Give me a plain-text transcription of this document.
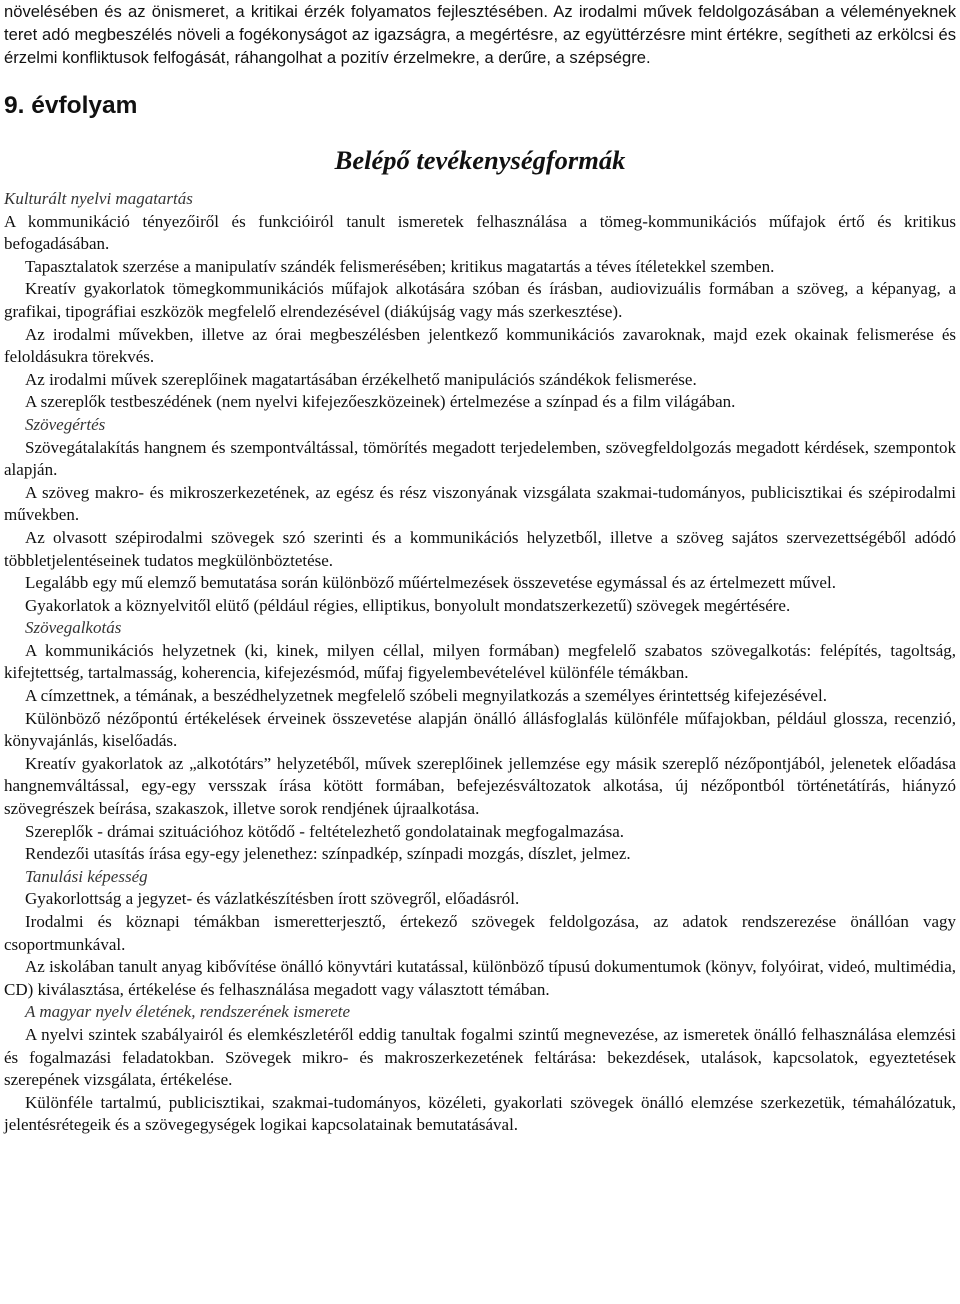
növelésében és az önismeret, a kritikai érzék folyamatos fejlesztésében. Az irodalmi művek feldolgozásában a véleményeknek teret adó megbeszélés növeli a fogékonyságot az igazságra, a megértésre, az együttérzésre mint értékre, segítheti az erkölcsi és érzelmi konfliktusok felfogását, ráhangolhat a pozitív érzelmekre, a derűre, a szépségre.

9. évfolyam
Belépő tevékenységformák

Kulturált nyelvi magatartás

A kommunikáció tényezőiről és funkcióiról tanult ismeretek felhasználása a tömeg-kommunikációs műfajok értő és kritikus befogadásában.

Tapasztalatok szerzése a manipulatív szándék felismerésében; kritikus magatartás a téves ítéletekkel szemben.

Kreatív gyakorlatok tömegkommunikációs műfajok alkotására szóban és írásban, audiovizuális formában a szöveg, a képanyag, a grafikai, tipográfiai eszközök megfelelő elrendezésével (diákújság vagy más szerkesztése).

Az irodalmi művekben, illetve az órai megbeszélésben jelentkező kommunikációs zavaroknak, majd ezek okainak felismerése és feloldásukra törekvés.

Az irodalmi művek szereplőinek magatartásában érzékelhető manipulációs szándékok felismerése.

A szereplők testbeszédének (nem nyelvi kifejezőeszközeinek) értelmezése a színpad és a film világában.

Szövegértés

Szövegátalakítás hangnem és szempontváltással, tömörítés megadott terjedelemben, szövegfeldolgozás megadott kérdések, szempontok alapján.

A szöveg makro- és mikroszerkezetének, az egész és rész viszonyának vizsgálata szakmai-tudományos, publicisztikai és szépirodalmi művekben.

Az olvasott szépirodalmi szövegek szó szerinti és a kommunikációs helyzetből, illetve a szöveg sajátos szervezettségéből adódó többletjelentéseinek tudatos megkülönböztetése.

Legalább egy mű elemző bemutatása során különböző műértelmezések összevetése egymással és az értelmezett művel.

Gyakorlatok a köznyelvitől elütő (például régies, elliptikus, bonyolult mondatszerkezetű) szövegek megértésére.

Szövegalkotás

A kommunikációs helyzetnek (ki, kinek, milyen céllal, milyen formában) megfelelő szabatos szövegalkotás: felépítés, tagoltság, kifejtettség, tartalmasság, koherencia, kifejezésmód, műfaj figyelembevételével különféle témákban.

A címzettnek, a témának, a beszédhelyzetnek megfelelő szóbeli megnyilatkozás a személyes érintettség kifejezésével.

Különböző nézőpontú értékelések érveinek összevetése alapján önálló állásfoglalás különféle műfajokban, például glossza, recenzió, könyvajánlás, kiselőadás.

Kreatív gyakorlatok az „alkotótárs” helyzetéből, művek szereplőinek jellemzése egy másik szereplő nézőpontjából, jelenetek előadása hangnemváltással, egy-egy versszak írása kötött formában, befejezésváltozatok alkotása, új nézőpontból történetátírás, hiányzó szövegrészek beírása, szakaszok, illetve sorok rendjének újraalkotása.

Szereplők - drámai szituációhoz kötődő - feltételezhető gondolatainak megfogalmazása.

Rendezői utasítás írása egy-egy jelenethez: színpadkép, színpadi mozgás, díszlet, jelmez.

Tanulási képesség

Gyakorlottság a jegyzet- és vázlatkészítésben írott szövegről, előadásról.

Irodalmi és köznapi témákban ismeretterjesztő, értekező szövegek feldolgozása, az adatok rendszerezése önállóan vagy csoportmunkával.

Az iskolában tanult anyag kibővítése önálló könyvtári kutatással, különböző típusú dokumentumok (könyv, folyóirat, videó, multimédia, CD) kiválasztása, értékelése és felhasználása megadott vagy választott témában.

A magyar nyelv életének, rendszerének ismerete

A nyelvi szintek szabályairól és elemkészletéről eddig tanultak fogalmi szintű megnevezése, az ismeretek önálló felhasználása elemzési és fogalmazási feladatokban. Szövegek mikro- és makroszerkezetének feltárása: bekezdések, utalások, kapcsolatok, egyeztetések szerepének vizsgálata, értékelése.

Különféle tartalmú, publicisztikai, szakmai-tudományos, közéleti, gyakorlati szövegek önálló elemzése szerkezetük, témahálózatuk, jelentésrétegeik és a szövegegységek logikai kapcsolatainak bemutatásával.
